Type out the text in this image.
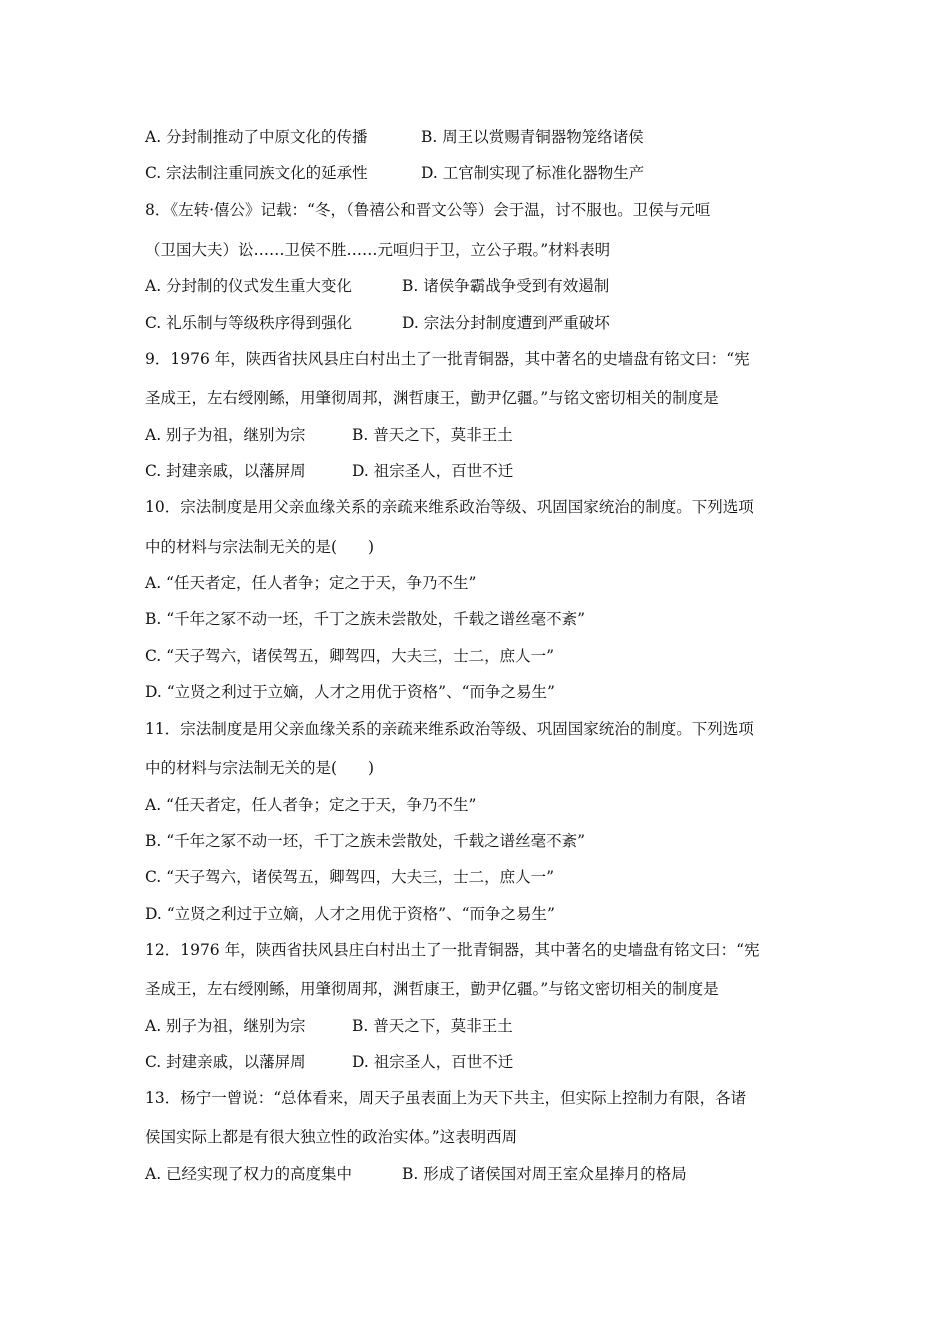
A. 分封制推动了中原文化的传播	B. 周王以赏赐青铜器物笼络诸侯
C. 宗法制注重同族文化的延承性	D. 工官制实现了标准化器物生产
8．《左转·僖公》记载：“冬，（鲁禧公和晋文公等）会于温，讨不服也。卫侯与元咺
（卫国大夫）讼……卫侯不胜……元咺归于卫，立公子瑕。”材料表明
A. 分封制的仪式发生重大变化	B. 诸侯争霸战争受到有效遏制
C. 礼乐制与等级秩序得到强化	D. 宗法分封制度遭到严重破坏
9．1976 年，陕西省扶风县庄白村出土了一批青铜器，其中著名的史墙盘有铭文曰：“宪
圣成王，左右绶刚鲧，用肇彻周邦，渊哲康王，勯尹亿疆。”与铭文密切相关的制度是
A. 别子为祖，继别为宗	B. 普天之下，莫非王土
C. 封建亲戚，以藩屏周	D. 祖宗圣人，百世不迁
10．宗法制度是用父亲血缘关系的亲疏来维系政治等级、巩固国家统治的制度。下列选项
中的材料与宗法制无关的是(　　)
A. “任天者定，任人者争；定之于天，争乃不生”
B. “千年之冢不动一坯，千丁之族未尝散处，千载之谱丝毫不紊”
C. “天子驾六，诸侯驾五，卿驾四，大夫三，士二，庶人一”
D. “立贤之利过于立嫡，人才之用优于资格”、“而争之易生”
11．宗法制度是用父亲血缘关系的亲疏来维系政治等级、巩固国家统治的制度。下列选项
中的材料与宗法制无关的是(　　)
A. “任天者定，任人者争；定之于天，争乃不生”
B. “千年之冢不动一坯，千丁之族未尝散处，千载之谱丝毫不紊”
C. “天子驾六，诸侯驾五，卿驾四，大夫三，士二，庶人一”
D. “立贤之利过于立嫡，人才之用优于资格”、“而争之易生”
12．1976 年，陕西省扶风县庄白村出土了一批青铜器，其中著名的史墙盘有铭文曰：“宪
圣成王，左右绶刚鲧，用肇彻周邦，渊哲康王，勯尹亿疆。”与铭文密切相关的制度是
A. 别子为祖，继别为宗	B. 普天之下，莫非王土
C. 封建亲戚，以藩屏周	D. 祖宗圣人，百世不迁
13．杨宁一曾说：“总体看来，周天子虽表面上为天下共主，但实际上控制力有限，各诸
侯国实际上都是有很大独立性的政治实体。”这表明西周
A. 已经实现了权力的高度集中	B. 形成了诸侯国对周王室众星捧月的格局
